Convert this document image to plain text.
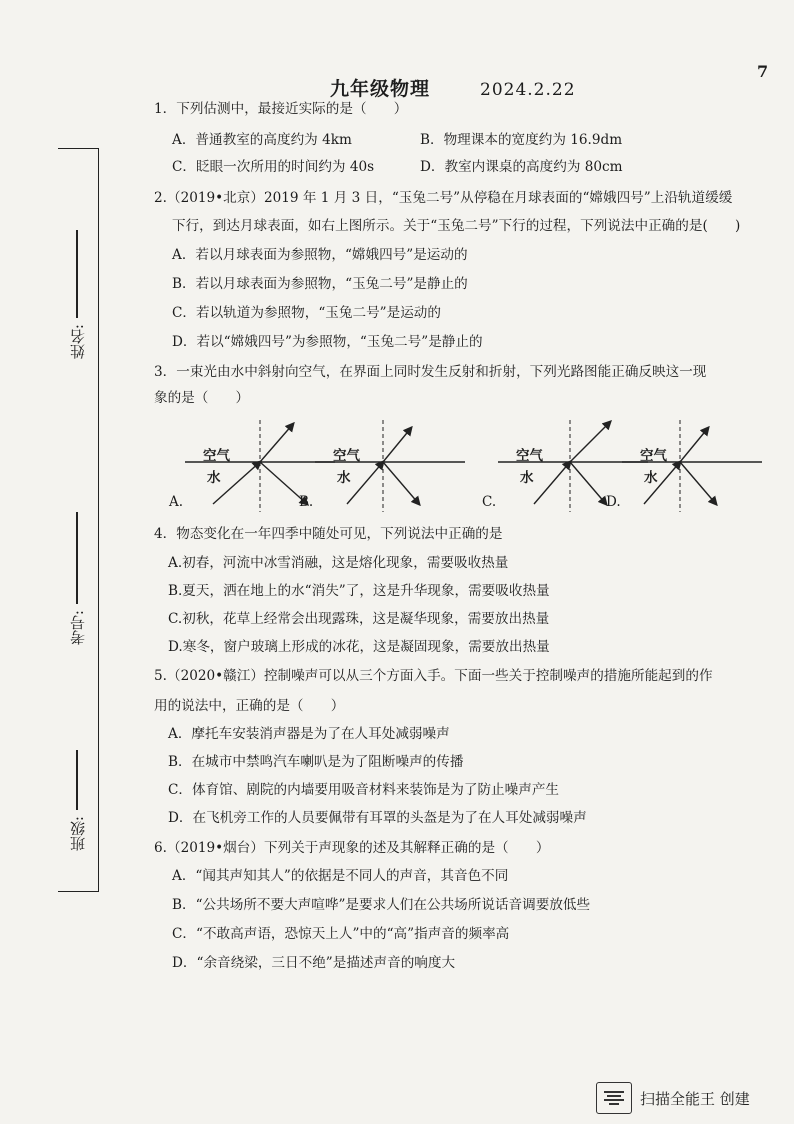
7
九年级物理	2024.2.22
姓名:
考号:
班级:
1．下列估测中，最接近实际的是（　　）
A．普通教室的高度约为 4km	B．物理课本的宽度约为 16.9dm
C．眨眼一次所用的时间约为 40s	D．教室内课桌的高度约为 80cm
2.（2019•北京）2019 年 1 月 3 日，“玉兔二号”从停稳在月球表面的“嫦娥四号”上沿轨道缓缓
下行，到达月球表面，如右上图所示。关于“玉兔二号”下行的过程，下列说法中正确的是(　　)
A．若以月球表面为参照物，“嫦娥四号”是运动的
B．若以月球表面为参照物，“玉兔二号”是静止的
C．若以轨道为参照物，“玉兔二号”是运动的
D．若以“嫦娥四号”为参照物，“玉兔二号”是静止的
3．一束光由水中斜射向空气，在界面上同时发生反射和折射，下列光路图能正确反映这一现
象的是（　　）
空气
水
A.
空气
水
B.
空气
水
C.
空气
水
D.
4．物态变化在一年四季中随处可见，下列说法中正确的是
A.初春，河流中冰雪消融，这是熔化现象，需要吸收热量
B.夏天，洒在地上的水“消失”了，这是升华现象，需要吸收热量
C.初秋，花草上经常会出现露珠，这是凝华现象，需要放出热量
D.寒冬，窗户玻璃上形成的冰花，这是凝固现象，需要放出热量
5.（2020•赣江）控制噪声可以从三个方面入手。下面一些关于控制噪声的措施所能起到的作
用的说法中，正确的是（　　）
A．摩托车安装消声器是为了在人耳处减弱噪声
B．在城市中禁鸣汽车喇叭是为了阻断噪声的传播
C．体育馆、剧院的内墙要用吸音材料来装饰是为了防止噪声产生
D．在飞机旁工作的人员要佩带有耳罩的头盔是为了在人耳处减弱噪声
6.（2019•烟台）下列关于声现象的述及其解释正确的是（　　）
A．“闻其声知其人”的依据是不同人的声音，其音色不同
B．“公共场所不要大声喧哗”是要求人们在公共场所说话音调要放低些
C．“不敢高声语，恐惊天上人”中的“高”指声音的频率高
D．“余音绕梁，三日不绝”是描述声音的响度大
扫描全能王 创建
